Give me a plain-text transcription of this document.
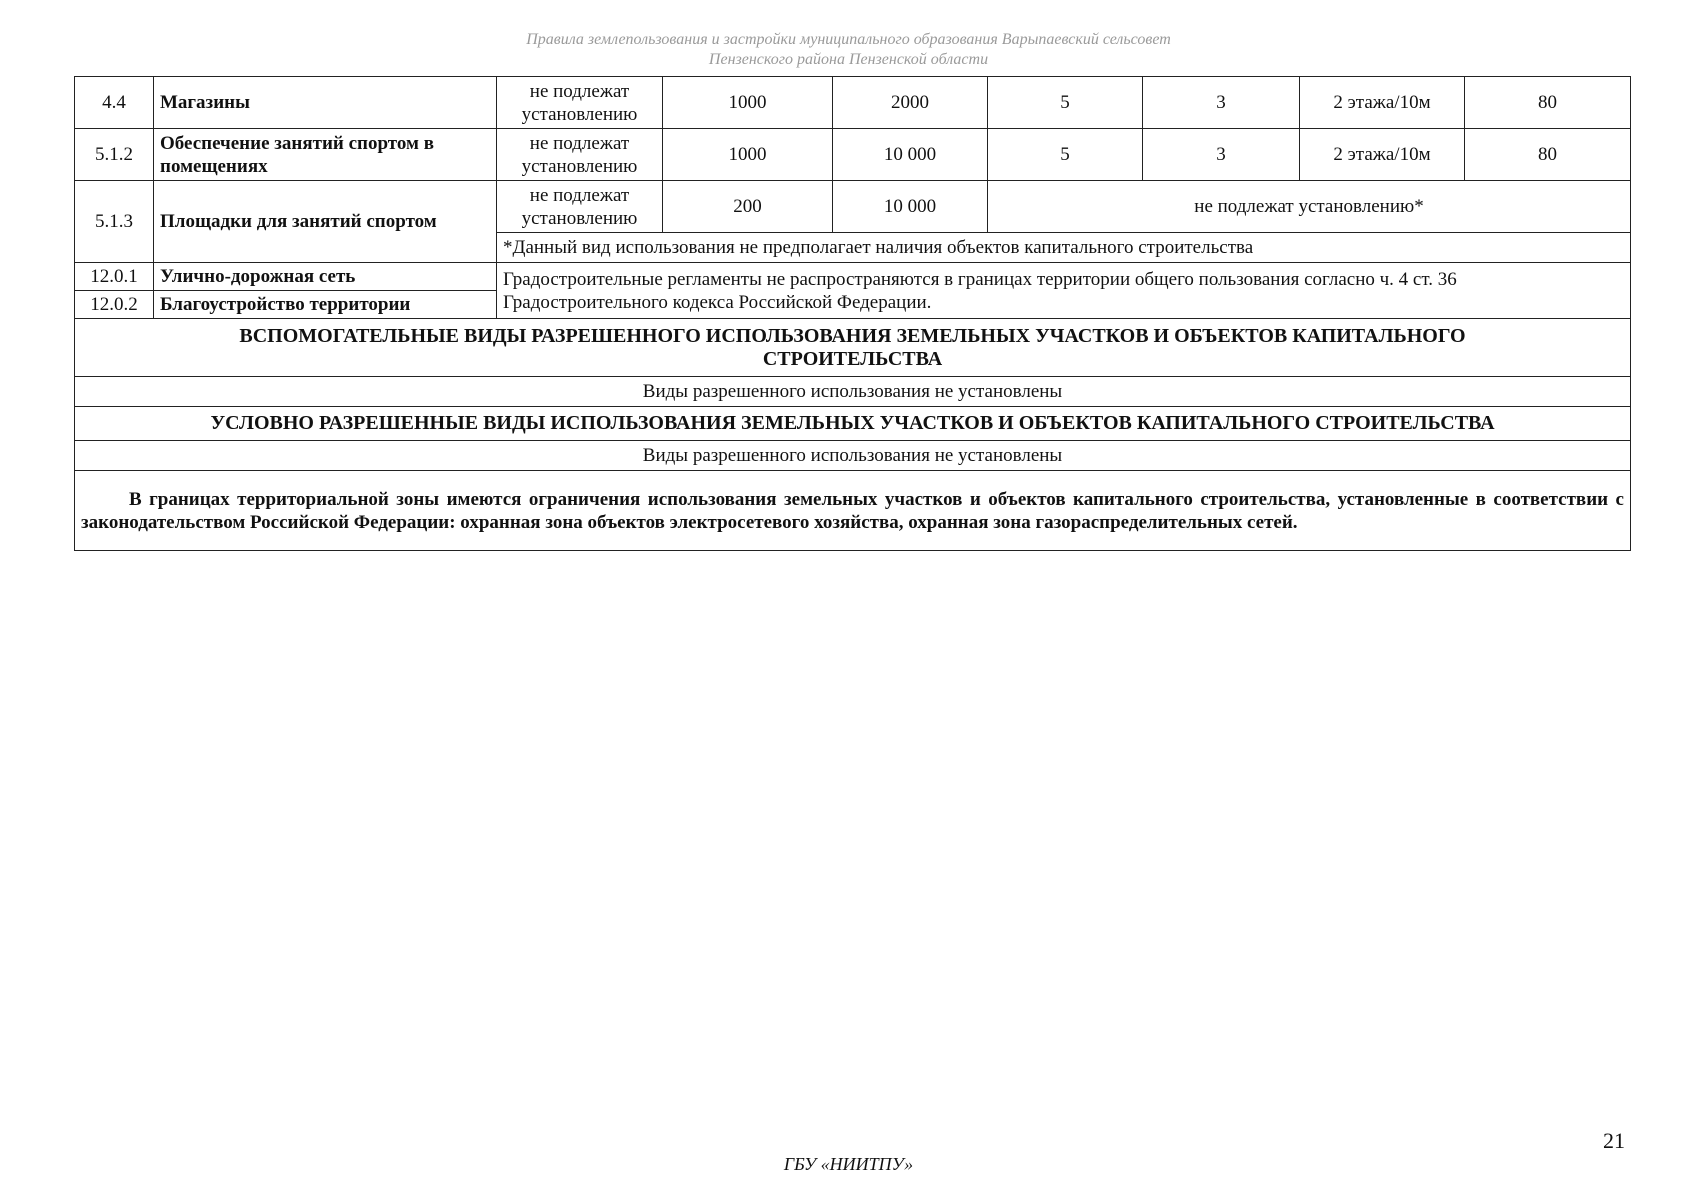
Правила землепользования и застройки муниципального образования Варыпаевский сельсовет
Пензенского района Пензенской области
4.4	Магазины	не подлежат установлению	1000	2000	5	3	2 этажа/10м	80
5.1.2	Обеспечение занятий спортом в помещениях	не подлежат установлению	1000	10 000	5	3	2 этажа/10м	80
5.1.3	Площадки для занятий спортом	не подлежат установлению	200	10 000	не подлежат установлению*			
		*Данный вид использования не предполагает наличия объектов капитального строительства						
12.0.1	Улично-дорожная сеть	Градостроительные регламенты не распространяются в границах территории общего пользования согласно ч. 4 ст. 36 Градостроительного кодекса Российской Федерации.						
12.0.2	Благоустройство территории							
ВСПОМОГАТЕЛЬНЫЕ ВИДЫ РАЗРЕШЕННОГО ИСПОЛЬЗОВАНИЯ ЗЕМЕЛЬНЫХ УЧАСТКОВ И ОБЪЕКТОВ КАПИТАЛЬНОГО СТРОИТЕЛЬСТВА								
Виды разрешенного использования не установлены								
УСЛОВНО РАЗРЕШЕННЫЕ ВИДЫ ИСПОЛЬЗОВАНИЯ ЗЕМЕЛЬНЫХ УЧАСТКОВ И ОБЪЕКТОВ КАПИТАЛЬНОГО СТРОИТЕЛЬСТВА								
Виды разрешенного использования не установлены								

В границах территориальной зоны имеются ограничения использования земельных участков и объектов капитального строительства, установленные в соответствии с законодательством Российской Федерации: охранная зона объектов электросетевого хозяйства, охранная зона газораспределительных сетей.								
21
ГБУ «НИИТПУ»
